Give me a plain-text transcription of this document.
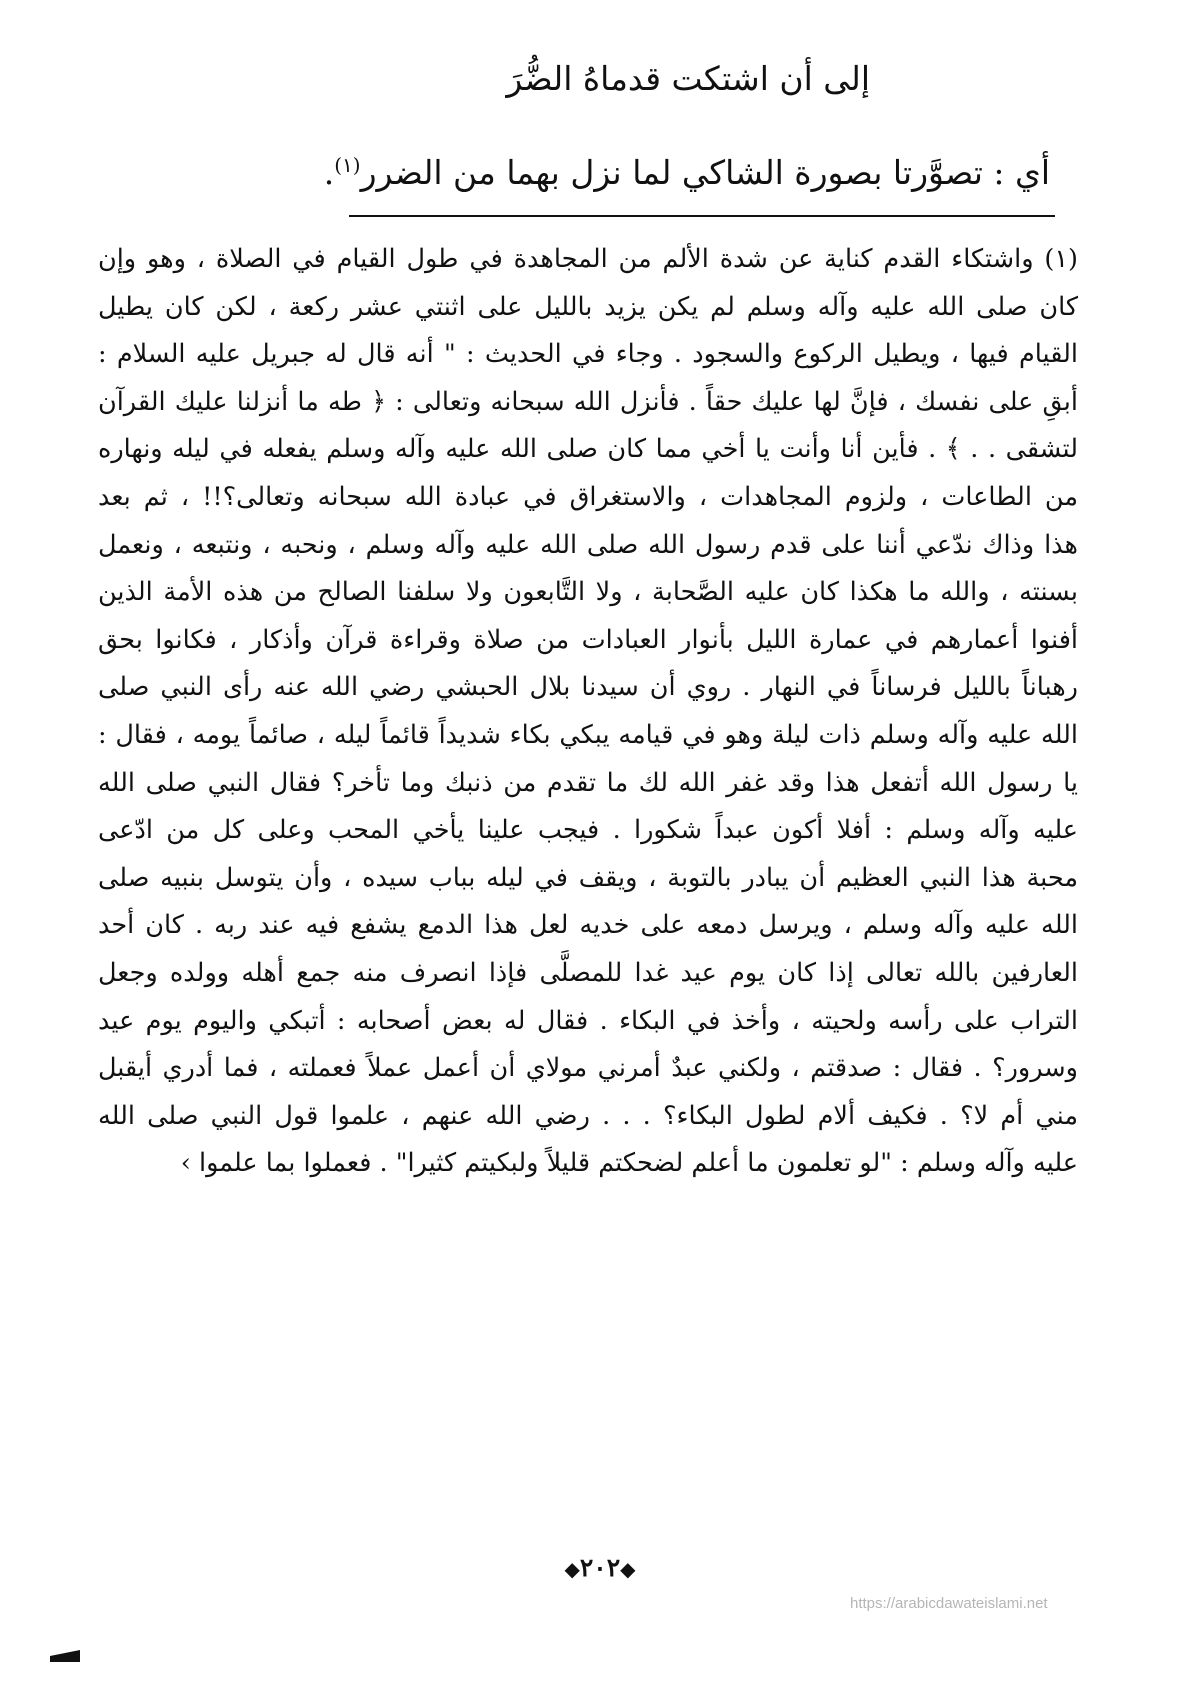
إلى أن اشتكت قدماهُ الضُّرَ
أي : تصوَّرتا بصورة الشاكي لما نزل بهما من الضرر$^{(١)}$.
(١) واشتكاء القدم كناية عن شدة الألم من المجاهدة في طول القيام في الصلاة ، وهو وإن
كان صلى الله عليه وآله وسلم لم يكن يزيد بالليل على اثنتي عشر ركعة ، لكن كان يطيل
القيام فيها ، ويطيل الركوع والسجود . وجاء في الحديث : " أنه قال له جبريل عليه السلام :
أبقِ على نفسك ، فإنَّ لها عليك حقاً . فأنزل الله سبحانه وتعالى : ﴿ طه ما أنزلنا عليك القرآن
لتشقى . . ﴾ . فأين أنا وأنت يا أخي مما كان صلى الله عليه وآله وسلم يفعله في ليله ونهاره
من الطاعات ، ولزوم المجاهدات ، والاستغراق في عبادة الله سبحانه وتعالى؟!! ، ثم بعد
هذا وذاك ندّعي أننا على قدم رسول الله صلى الله عليه وآله وسلم ، ونحبه ، ونتبعه ، ونعمل
بسنته ، والله ما هكذا كان عليه الصَّحابة ، ولا التَّابعون ولا سلفنا الصالح من هذه الأمة الذين
أفنوا أعمارهم في عمارة الليل بأنوار العبادات من صلاة وقراءة قرآن وأذكار ، فكانوا بحق
رهباناً بالليل فرساناً في النهار . روي أن سيدنا بلال الحبشي رضي الله عنه رأى النبي صلى
الله عليه وآله وسلم ذات ليلة وهو في قيامه يبكي بكاء شديداً قائماً ليله ، صائماً يومه ، فقال :
يا رسول الله أتفعل هذا وقد غفر الله لك ما تقدم من ذنبك وما تأخر؟ فقال النبي صلى الله
عليه وآله وسلم : أفلا أكون عبداً شكورا . فيجب علينا يأخي المحب وعلى كل من ادّعى
محبة هذا النبي العظيم أن يبادر بالتوبة ، ويقف في ليله بباب سيده ، وأن يتوسل بنبيه صلى
الله عليه وآله وسلم ، ويرسل دمعه على خديه لعل هذا الدمع يشفع فيه عند ربه . كان أحد
العارفين بالله تعالى إذا كان يوم عيد غدا للمصلَّى فإذا انصرف منه جمع أهله وولده وجعل
التراب على رأسه ولحيته ، وأخذ في البكاء . فقال له بعض أصحابه : أتبكي واليوم يوم عيد
وسرور؟ . فقال : صدقتم ، ولكني عبدٌ أمرني مولاي أن أعمل عملاً فعملته ، فما أدري أيقبل
مني أم لا؟ . فكيف ألام لطول البكاء؟ . . . رضي الله عنهم ، علموا قول النبي صلى الله
عليه وآله وسلم : "لو تعلمون ما أعلم لضحكتم قليلاً ولبكيتم كثيرا" . فعملوا بما علموا ›
◆٢٠٢◆
https://arabicdawateislami.net
